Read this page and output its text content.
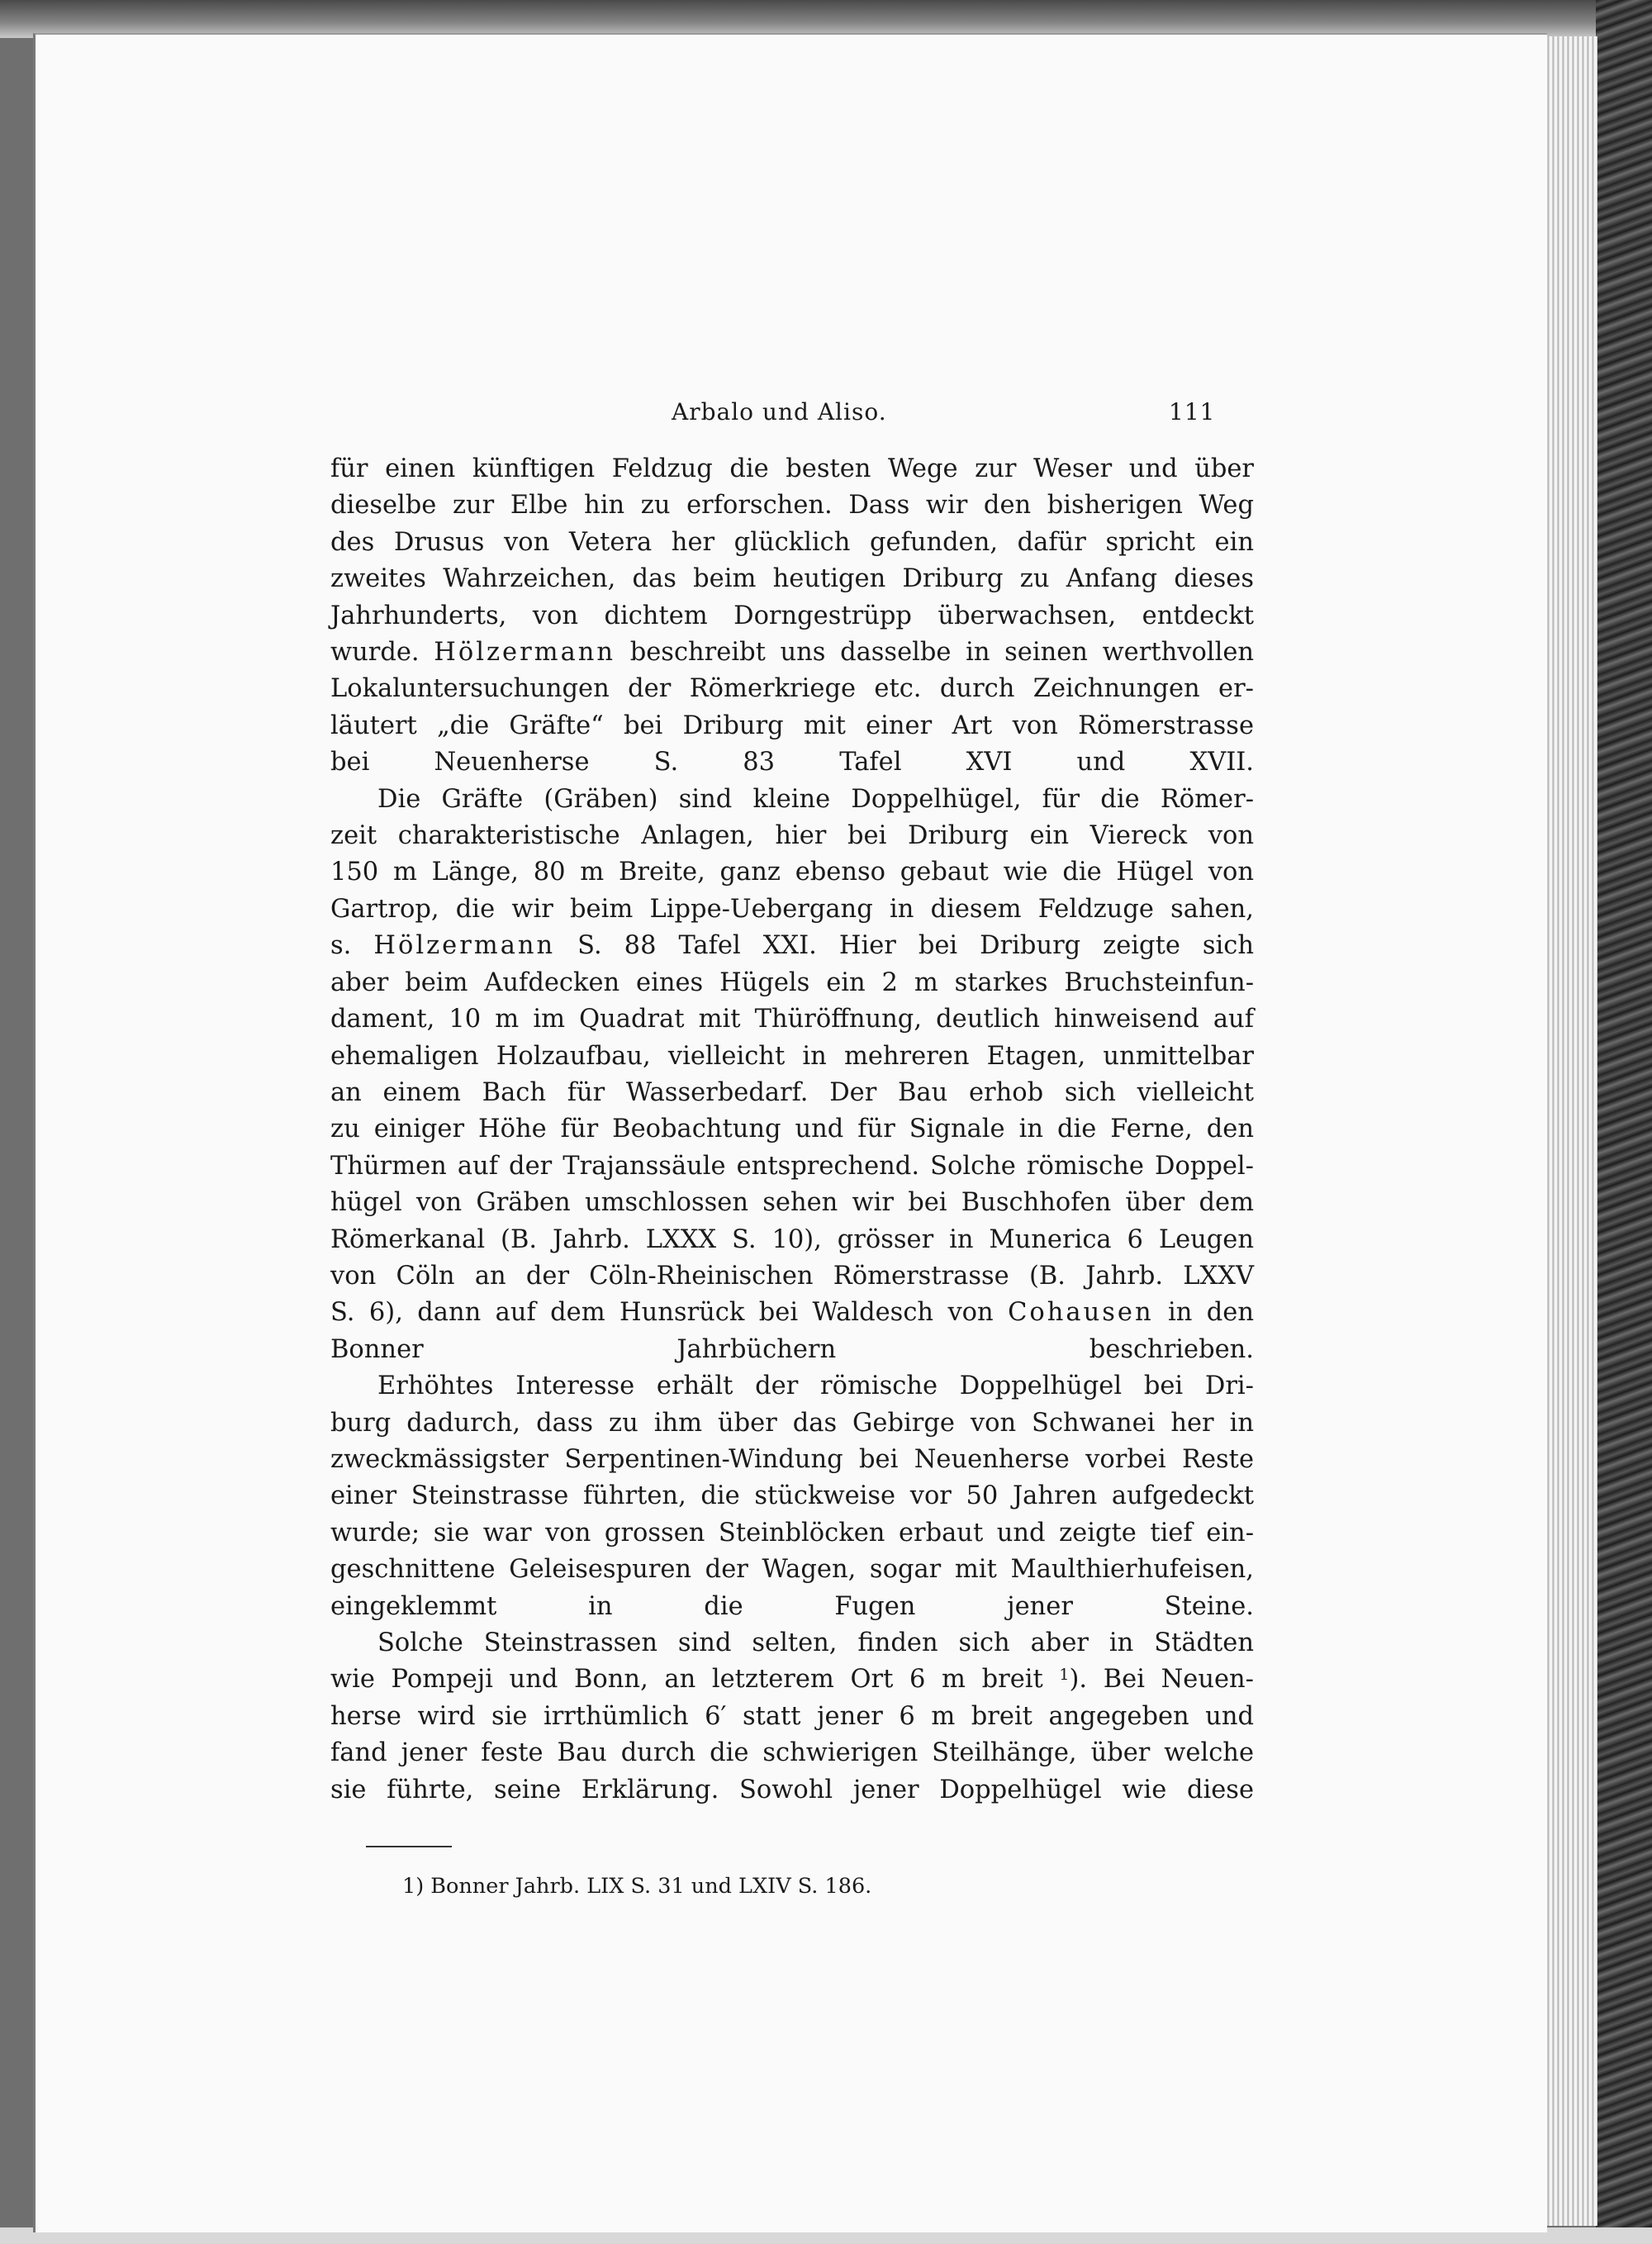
Arbalo und Aliso.	111

für einen künftigen Feldzug die besten Wege zur Weser und über
dieselbe zur Elbe hin zu erforschen. Dass wir den bisherigen Weg
des Drusus von Vetera her glücklich gefunden, dafür spricht ein
zweites Wahrzeichen, das beim heutigen Driburg zu Anfang dieses
Jahrhunderts, von dichtem Dorngestrüpp überwachsen, entdeckt
wurde. Hölzermann beschreibt uns dasselbe in seinen werthvollen
Lokaluntersuchungen der Römerkriege etc. durch Zeichnungen er-
läutert „die Gräfte“ bei Driburg mit einer Art von Römerstrasse
bei Neuenherse S. 83 Tafel XVI und XVII.

Die Gräfte (Gräben) sind kleine Doppelhügel, für die Römer-
zeit charakteristische Anlagen, hier bei Driburg ein Viereck von
150 m Länge, 80 m Breite, ganz ebenso gebaut wie die Hügel von
Gartrop, die wir beim Lippe-Uebergang in diesem Feldzuge sahen,
s. Hölzermann S. 88 Tafel XXI. Hier bei Driburg zeigte sich
aber beim Aufdecken eines Hügels ein 2 m starkes Bruchsteinfun-
dament, 10 m im Quadrat mit Thüröffnung, deutlich hinweisend auf
ehemaligen Holzaufbau, vielleicht in mehreren Etagen, unmittelbar
an einem Bach für Wasserbedarf. Der Bau erhob sich vielleicht
zu einiger Höhe für Beobachtung und für Signale in die Ferne, den
Thürmen auf der Trajanssäule entsprechend. Solche römische Doppel-
hügel von Gräben umschlossen sehen wir bei Buschhofen über dem
Römerkanal (B. Jahrb. LXXX S. 10), grösser in Munerica 6 Leugen
von Cöln an der Cöln-Rheinischen Römerstrasse (B. Jahrb. LXXV
S. 6), dann auf dem Hunsrück bei Waldesch von Cohausen in den
Bonner Jahrbüchern beschrieben.

Erhöhtes Interesse erhält der römische Doppelhügel bei Dri-
burg dadurch, dass zu ihm über das Gebirge von Schwanei her in
zweckmässigster Serpentinen-Windung bei Neuenherse vorbei Reste
einer Steinstrasse führten, die stückweise vor 50 Jahren aufgedeckt
wurde; sie war von grossen Steinblöcken erbaut und zeigte tief ein-
geschnittene Geleisespuren der Wagen, sogar mit Maulthierhufeisen,
eingeklemmt in die Fugen jener Steine.

Solche Steinstrassen sind selten, finden sich aber in Städten
wie Pompeji und Bonn, an letzterem Ort 6 m breit $^1$). Bei Neuen-
herse wird sie irrthümlich 6′ statt jener 6 m breit angegeben und
fand jener feste Bau durch die schwierigen Steilhänge, über welche
sie führte, seine Erklärung. Sowohl jener Doppelhügel wie diese

1) Bonner Jahrb. LIX S. 31 und LXIV S. 186.
